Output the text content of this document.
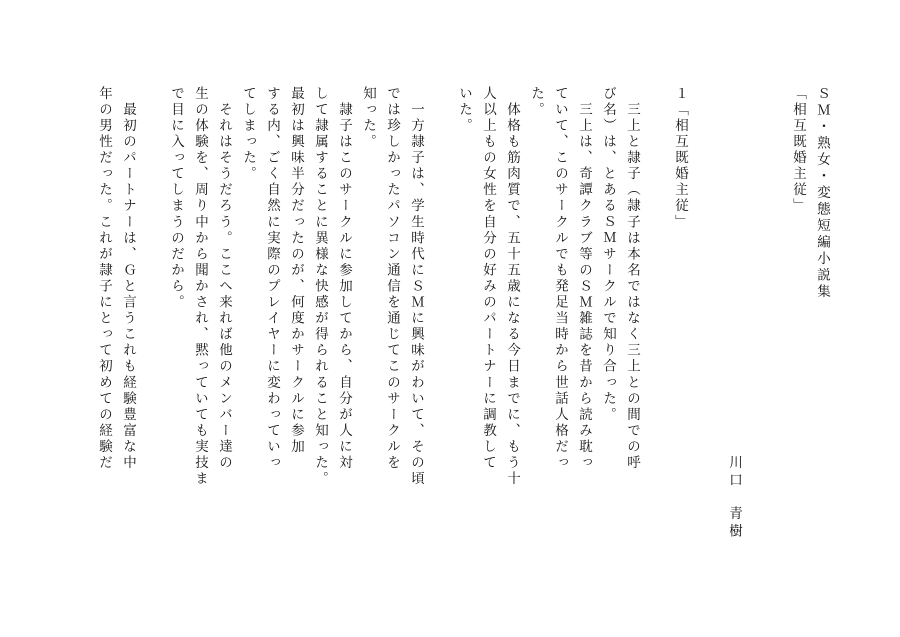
ＳＭ・熟女・変態短編小説集
「相互既婚主従」
川口
青樹
１「相互既婚主従」
　三上と隷子（隷子は本名ではなく三上との間での呼
び名）は、とあるＳＭサークルで知り合った。
　三上は、奇譚クラブ等のＳＭ雑誌を昔から読み耽っ
ていて、このサークルでも発足当時から世話人格だっ
た。
　体格も筋肉質で、五十五歳になる今日までに、もう十
人以上もの女性を自分の好みのパートナーに調教して
いた。
　一方隷子は、学生時代にＳＭに興味がわいて、その頃
では珍しかったパソコン通信を通じてこのサークルを
知った。
　隷子はこのサークルに参加してから、自分が人に対
して隷属することに異様な快感が得られること知った。
最初は興味半分だったのが、何度かサークルに参加
する内、ごく自然に実際のプレイヤーに変わっていっ
てしまった。
　それはそうだろう。ここへ来れば他のメンバー達の
生の体験を、周り中から聞かされ、黙っていても実技ま
で目に入ってしまうのだから。
　最初のパートナーは、Ｇと言うこれも経験豊富な中
年の男性だった。これが隷子にとって初めての経験だ
